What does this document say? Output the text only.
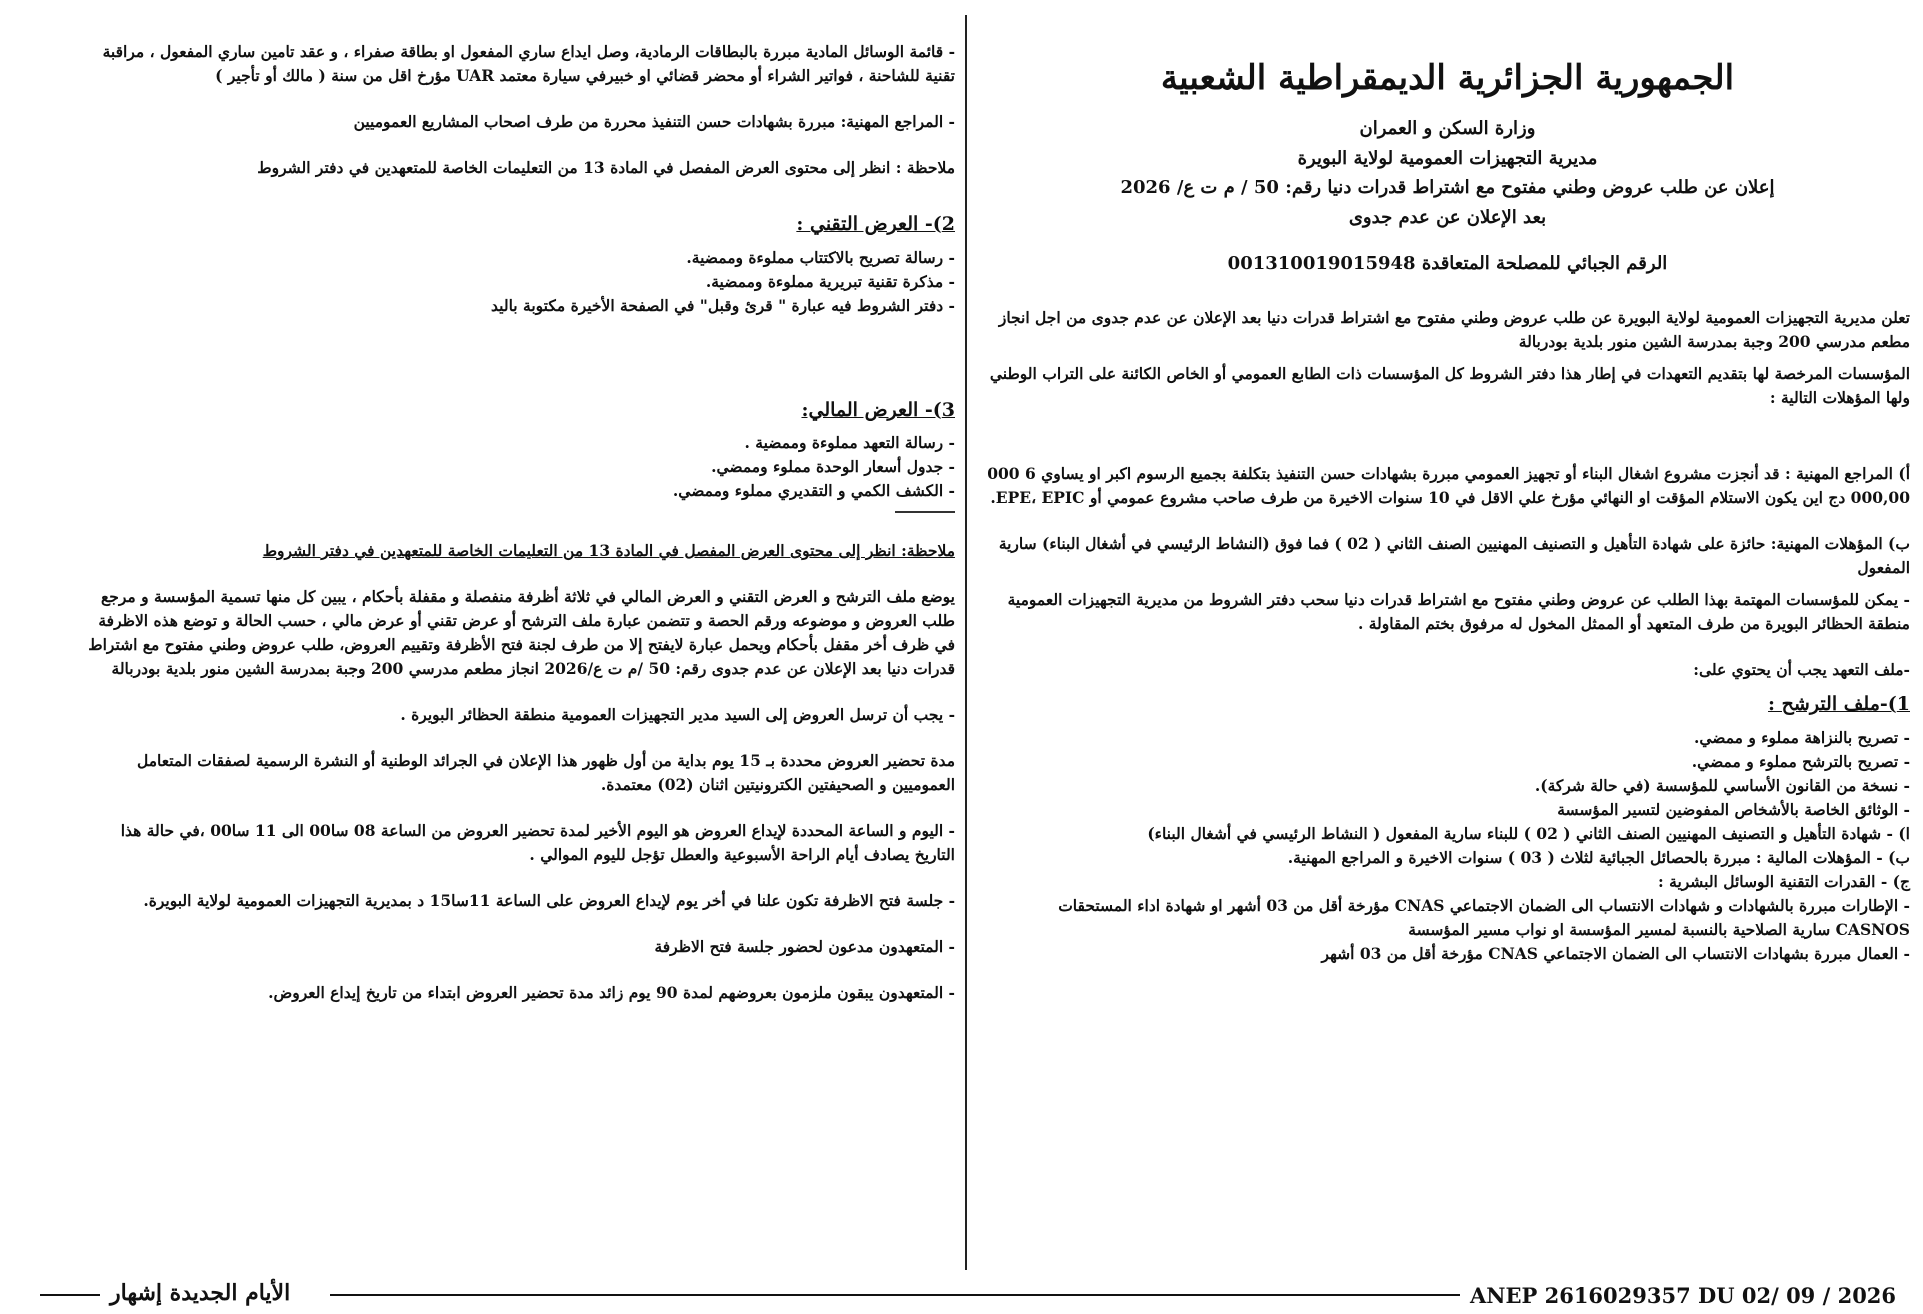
الجمهورية الجزائرية الديمقراطية الشعبية
وزارة السكن و العمران
مديرية التجهيزات العمومية لولاية البويرة
إعلان عن طلب عروض وطني مفتوح مع اشتراط قدرات دنيا رقم: 50 / م ت ع/ 2026
بعد الإعلان عن عدم جدوى
الرقم الجبائي للمصلحة المتعاقدة 001310019015948

تعلن مديرية التجهيزات العمومية لولاية البويرة عن طلب عروض وطني مفتوح مع اشتراط قدرات دنيا بعد الإعلان عن عدم جدوى من اجل انجاز مطعم مدرسي 200 وجبة بمدرسة الشين منور بلدية بودربالة

المؤسسات المرخصة لها بتقديم التعهدات في إطار هذا دفتر الشروط كل المؤسسات ذات الطابع العمومي أو الخاص الكائنة على التراب الوطني ولها المؤهلات التالية :

أ) المراجع المهنية : قد أنجزت مشروع اشغال البناء أو تجهيز العمومي مبررة بشهادات حسن التنفيذ بتكلفة بجميع الرسوم اكبر او يساوي 6 000 000,00 دج اين يكون الاستلام المؤقت او النهائي مؤرخ علي الاقل في 10 سنوات الاخيرة من طرف صاحب مشروع عمومي أو EPE، EPIC.

ب) المؤهلات المهنية: حائزة على شهادة التأهيل و التصنيف المهنيين الصنف الثاني ( 02 ) فما فوق (النشاط الرئيسي في أشغال البناء) سارية المفعول

- يمكن للمؤسسات المهتمة بهذا الطلب عن عروض وطني مفتوح مع اشتراط قدرات دنيا سحب دفتر الشروط من مديرية التجهيزات العمومية منطقة الحظائر البويرة من طرف المتعهد أو الممثل المخول له مرفوق بختم المقاولة .

-ملف التعهد يجب أن يحتوي على:

1)-ملف الترشح :
- تصريح بالنزاهة مملوء و ممضي.
- تصريح بالترشح مملوء و ممضي.
- نسخة من القانون الأساسي للمؤسسة (في حالة شركة).
- الوثائق الخاصة بالأشخاص المفوضين لتسير المؤسسة
ا) - شهادة التأهيل و التصنيف المهنيين الصنف الثاني ( 02 ) للبناء سارية المفعول ( النشاط الرئيسي في أشغال البناء)
ب) - المؤهلات المالية : مبررة بالحصائل الجبائية لثلاث ( 03 ) سنوات الاخيرة و المراجع المهنية.
ج) - القدرات التقنية الوسائل البشرية :
- الإطارات مبررة بالشهادات و شهادات الانتساب الى الضمان الاجتماعي CNAS مؤرخة أقل من 03 أشهر او شهادة اداء المستحقات CASNOS سارية الصلاحية بالنسبة لمسير المؤسسة او نواب مسير المؤسسة
- العمال مبررة بشهادات الانتساب الى الضمان الاجتماعي CNAS مؤرخة أقل من 03 أشهر

- قائمة الوسائل المادية مبررة بالبطاقات الرمادية، وصل ايداع ساري المفعول او بطاقة صفراء ، و عقد تامين ساري المفعول ، مراقبة تقنية للشاحنة ، فواتير الشراء أو محضر قضائي او خبيرفي سيارة معتمد UAR مؤرخ اقل من سنة ( مالك أو تأجير )

- المراجع المهنية: مبررة بشهادات حسن التنفيذ محررة من طرف اصحاب المشاريع العموميين

ملاحظة : انظر إلى محتوى العرض المفصل في المادة 13 من التعليمات الخاصة للمتعهدين في دفتر الشروط

2)- العرض التقني :
- رسالة تصريح بالاكتتاب مملوءة وممضية.
- مذكرة تقنية تبريرية مملوءة وممضية.
- دفتر الشروط فيه عبارة " قرئ وقبل" في الصفحة الأخيرة مكتوبة باليد
3)- العرض المالي:
- رسالة التعهد مملوءة وممضية .
- جدول أسعار الوحدة مملوء وممضي.
- الكشف الكمي و التقديري مملوء وممضي.

ملاحظة: انظر إلى محتوى العرض المفصل في المادة 13 من التعليمات الخاصة للمتعهدين في دفتر الشروط

يوضع ملف الترشح و العرض التقني و العرض المالي في ثلاثة أظرفة منفصلة و مقفلة بأحكام ، يبين كل منها تسمية المؤسسة و مرجع طلب العروض و موضوعه ورقم الحصة و تتضمن عبارة ملف الترشح أو عرض تقني أو عرض مالي ، حسب الحالة و توضع هذه الاظرفة في ظرف أخر مقفل بأحكام ويحمل عبارة لايفتح إلا من طرف لجنة فتح الأظرفة وتقييم العروض، طلب عروض وطني مفتوح مع اشتراط قدرات دنيا بعد الإعلان عن عدم جدوى رقم: 50 /م ت ع/2026 انجاز مطعم مدرسي 200 وجبة بمدرسة الشين منور بلدية بودربالة

- يجب أن ترسل العروض إلى السيد مدير التجهيزات العمومية منطقة الحظائر البويرة .

مدة تحضير العروض محددة بـ 15 يوم بداية من أول ظهور هذا الإعلان في الجرائد الوطنية أو النشرة الرسمية لصفقات المتعامل العموميين و الصحيفتين الكترونيتين اثنان (02) معتمدة.

- اليوم و الساعة المحددة لإيداع العروض هو اليوم الأخير لمدة تحضير العروض من الساعة 08 سا00 الى 11 سا00 ،في حالة هذا التاريخ يصادف أيام الراحة الأسبوعية والعطل تؤجل لليوم الموالي .

- جلسة فتح الاظرفة تكون علنا في أخر يوم لإيداع العروض على الساعة 11سا15 د بمديرية التجهيزات العمومية لولاية البويرة.

- المتعهدون مدعون لحضور جلسة فتح الاظرفة

- المتعهدون يبقون ملزمون بعروضهم لمدة 90 يوم زائد مدة تحضير العروض ابتداء من تاريخ إيداع العروض.

الأيام الجديدة إشهار	ANEP 2616029357 DU 02/ 09 / 2026
